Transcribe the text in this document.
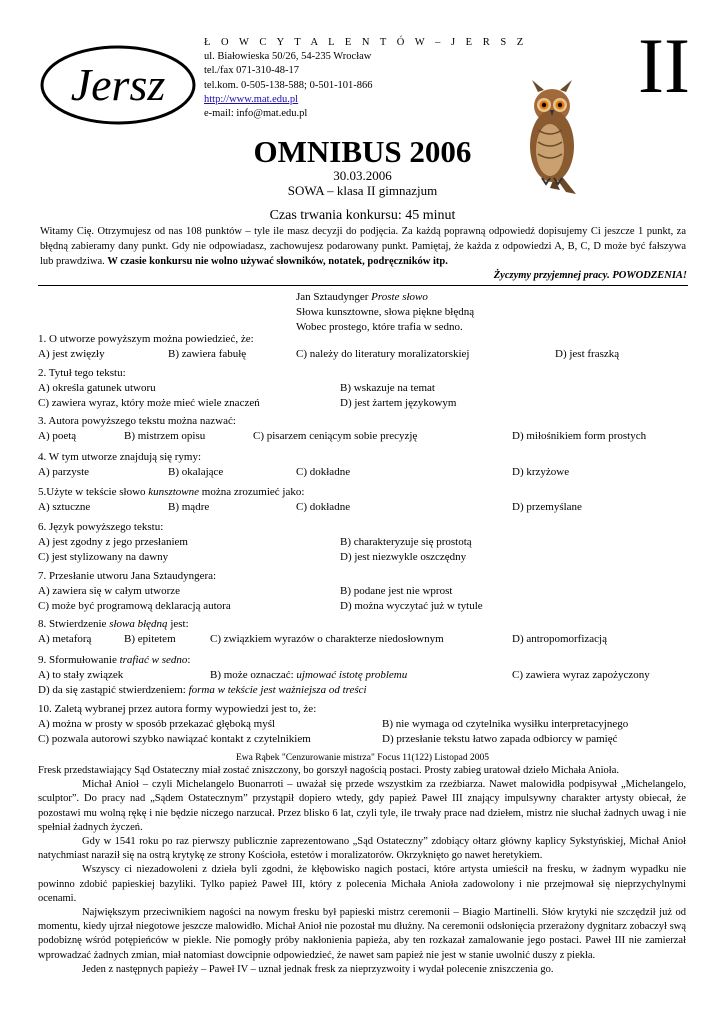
Jersz
Ł O W C Y T A L E N T Ó W – J E R S Z
ul. Białowieska 50/26, 54-235 Wrocław
tel./fax 071-310-48-17
tel.kom. 0-505-138-588; 0-501-101-866
http://www.mat.edu.pl
e-mail: info@mat.edu.pl
II
OMNIBUS 2006
30.03.2006
SOWA – klasa II gimnazjum
Czas trwania konkursu: 45 minut
Witamy Cię. Otrzymujesz od nas 108 punktów – tyle ile masz decyzji do podjęcia. Za każdą poprawną odpowiedź dopisujemy Ci jeszcze 1 punkt, za błędną zabieramy dany punkt. Gdy nie odpowiadasz, zachowujesz podarowany punkt. Pamiętaj, że każda z odpowiedzi A, B, C, D może być fałszywa lub prawdziwa. W czasie konkursu nie wolno używać słowników, notatek, podręczników itp.
Życzymy przyjemnej pracy. POWODZENIA!
Jan Sztaudynger Proste słowo
Słowa kunsztowne, słowa piękne błędną
Wobec prostego, które trafia w sedno.
1. O utworze powyższym można powiedzieć, że:
A) jest zwięzły	B) zawiera fabułę	C) należy do literatury moralizatorskiej	D) jest fraszką
2. Tytuł tego tekstu:
A) określa gatunek utworu	B) wskazuje na temat
C) zawiera wyraz, który może mieć wiele znaczeń	D) jest żartem językowym
3. Autora powyższego tekstu można nazwać:
A) poetą	B) mistrzem opisu	C) pisarzem ceniącym sobie precyzję	D) miłośnikiem form prostych
4. W tym utworze znajdują się rymy:
A) parzyste	B) okalające	C) dokładne	D) krzyżowe
5.Użyte w tekście słowo kunsztowne można zrozumieć jako:
A) sztuczne	B) mądre	C) dokładne	D) przemyślane
6. Język powyższego tekstu:
A) jest zgodny z jego przesłaniem	B) charakteryzuje się prostotą
C) jest stylizowany na dawny	D) jest niezwykle oszczędny
7. Przesłanie utworu Jana Sztaudyngera:
A) zawiera się w całym utworze	B) podane jest nie wprost
C) może być programową deklaracją autora	D) można wyczytać już w tytule
8. Stwierdzenie słowa błędną jest:
A) metaforą	B) epitetem	C) związkiem wyrazów o charakterze niedosłownym	D) antropomorfizacją
9. Sformułowanie trafiać w sedno:
A) to stały związek	B) może oznaczać: ujmować istotę problemu	C) zawiera wyraz zapożyczony
D) da się zastąpić stwierdzeniem: forma w tekście jest ważniejsza od treści
10. Zaletą wybranej przez autora formy wypowiedzi jest to, że:
A) można w prosty w sposób przekazać głęboką myśl	B) nie wymaga od czytelnika wysiłku interpretacyjnego
C) pozwala autorowi szybko nawiązać kontakt z czytelnikiem	D) przesłanie tekstu łatwo zapada odbiorcy w pamięć
Ewa Rąbek "Cenzurowanie mistrza" Focus 11(122) Listopad 2005

Fresk przedstawiający Sąd Ostateczny miał zostać zniszczony, bo gorszył nagością postaci. Prosty zabieg uratował dzieło Michała Anioła.

Michał Anioł – czyli Michelangelo Buonarroti – uważał się przede wszystkim za rzeźbiarza. Nawet malowidła podpisywał „Michelangelo, sculptor”. Do pracy nad „Sądem Ostatecznym” przystąpił dopiero wtedy, gdy papież Paweł III znający impulsywny charakter artysty obiecał, że pozostawi mu wolną rękę i nie będzie niczego narzucał. Przez blisko 6 lat, czyli tyle, ile trwały prace nad dziełem, mistrz nie słuchał żadnych uwag i nie spełniał żadnych życzeń.

Gdy w 1541 roku po raz pierwszy publicznie zaprezentowano „Sąd Ostateczny” zdobiący ołtarz główny kaplicy Sykstyńskiej, Michał Anioł natychmiast naraził się na ostrą krytykę ze strony Kościoła, estetów i moralizatorów. Okrzyknięto go nawet heretykiem.

Wszyscy ci niezadowoleni z dzieła byli zgodni, że kłębowisko nagich postaci, które artysta umieścił na fresku, w żadnym wypadku nie powinno zdobić papieskiej bazyliki. Tylko papież Paweł III, który z polecenia Michała Anioła zadowolony i nie przejmował się nieprzychylnymi ocenami.

Największym przeciwnikiem nagości na nowym fresku był papieski mistrz ceremonii – Biagio Martinelli. Słów krytyki nie szczędził już od momentu, kiedy ujrzał niegotowe jeszcze malowidło. Michał Anioł nie pozostał mu dłużny. Na ceremonii odsłonięcia przerażony dygnitarz zobaczył swą podobiznę wśród potępieńców w piekle. Nie pomogły próby nakłonienia papieża, aby ten rozkazał zamalowanie jego postaci. Paweł III nie zamierzał wprowadzać żadnych zmian, miał natomiast dowcipnie odpowiedzieć, że nawet sam papież nie jest w stanie uwolnić duszy z piekła.

Jeden z następnych papieży – Paweł IV – uznał jednak fresk za nieprzyzwoity i wydał polecenie zniszczenia go.
